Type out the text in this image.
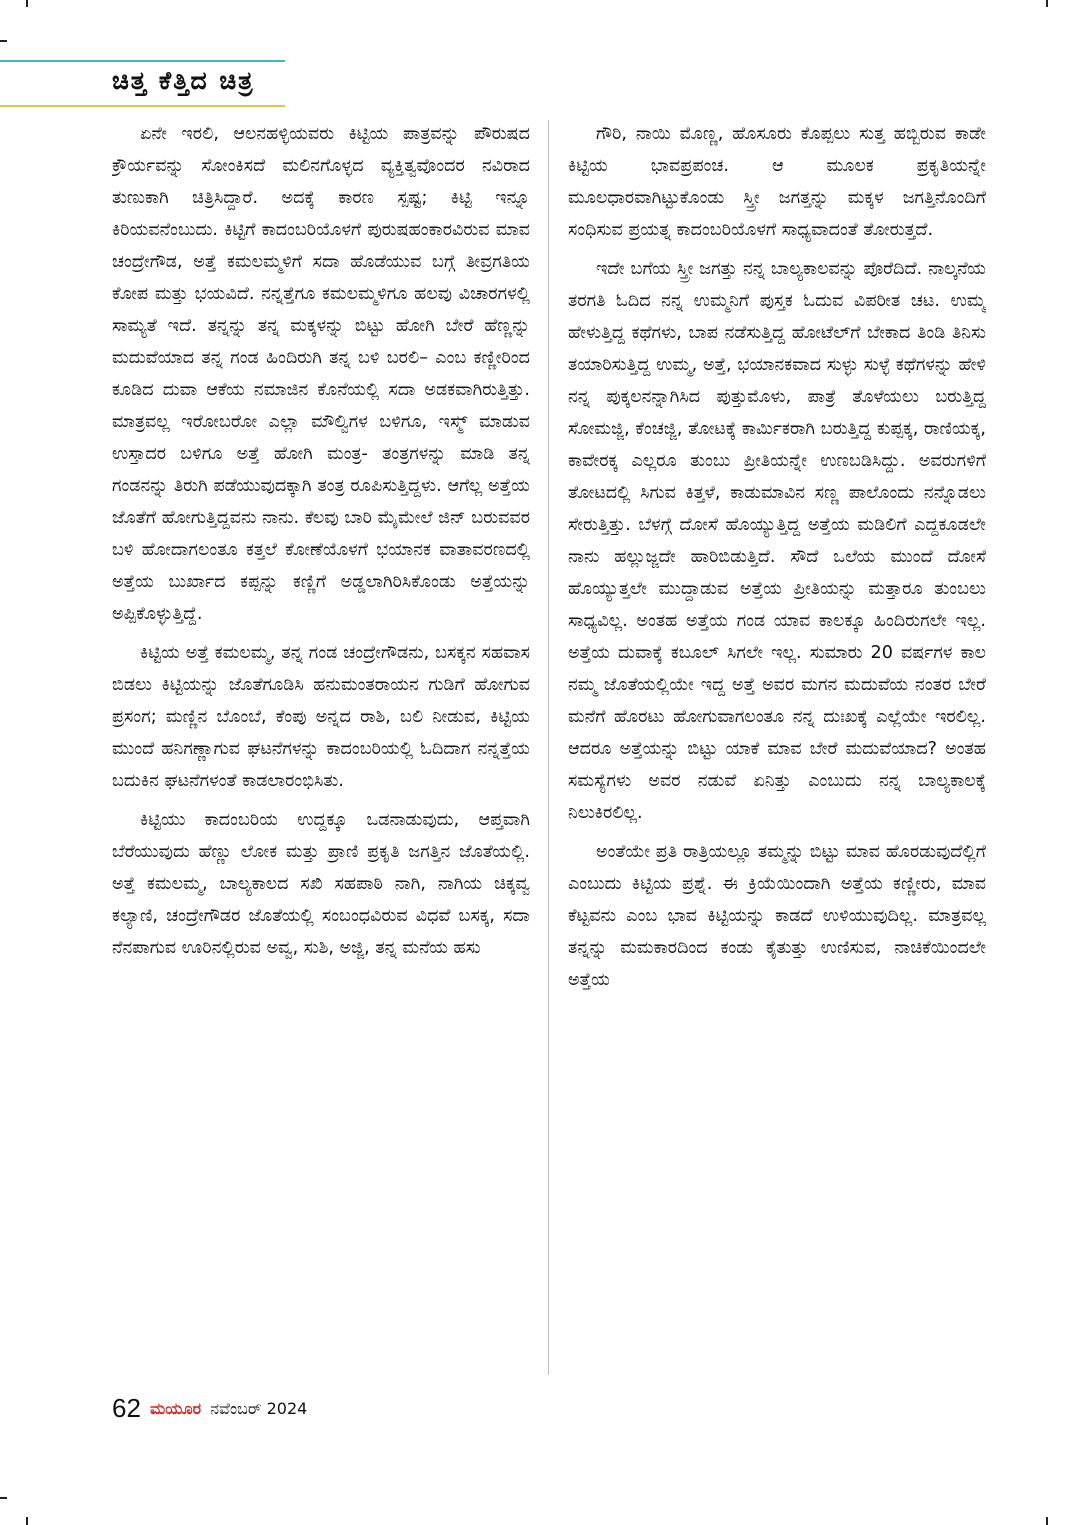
ಚಿತ್ತ ಕೆತ್ತಿದ ಚಿತ್ರ

ಏನೇ ಇರಲಿ, ಆಲನಹಳ್ಳಿಯವರು ಕಿಟ್ಟಿಯ ಪಾತ್ರವನ್ನು ಪೌರುಷದ ಕ್ರೌರ್ಯವನ್ನು ಸೋಂಕಿಸದೆ ಮಲಿನಗೊಳ್ಳದ ವ್ಯಕ್ತಿತ್ವವೊಂದರ ನವಿರಾದ ತುಣುಕಾಗಿ ಚಿತ್ರಿಸಿದ್ದಾರೆ. ಅದಕ್ಕೆ ಕಾರಣ ಸ್ಪಷ್ಟ; ಕಿಟ್ಟಿ ಇನ್ನೂ ಕಿರಿಯವನೆಂಬುದು. ಕಿಟ್ಟಿಗೆ ಕಾದಂಬರಿಯೊಳಗೆ ಪುರುಷಹಂಕಾರವಿರುವ ಮಾವ ಚಂದ್ರೇಗೌಡ, ಅತ್ತೆ ಕಮಲಮ್ಮಳಿಗೆ ಸದಾ ಹೊಡೆಯುವ ಬಗ್ಗೆ ತೀವ್ರಗತಿಯ ಕೋಪ ಮತ್ತು ಭಯವಿದೆ. ನನ್ನತ್ತೆಗೂ ಕಮಲಮ್ಮಳಿಗೂ ಹಲವು ವಿಚಾರಗಳಲ್ಲಿ ಸಾಮ್ಯತೆ ಇದೆ. ತನ್ನನ್ನು ತನ್ನ ಮಕ್ಕಳನ್ನು ಬಿಟ್ಟು ಹೋಗಿ ಬೇರೆ ಹೆಣ್ಣನ್ನು ಮದುವೆಯಾದ ತನ್ನ ಗಂಡ ಹಿಂದಿರುಗಿ ತನ್ನ ಬಳಿ ಬರಲಿ– ಎಂಬ ಕಣ್ಣೀರಿಂದ ಕೂಡಿದ ದುವಾ ಆಕೆಯ ನಮಾಜಿನ ಕೊನೆಯಲ್ಲಿ ಸದಾ ಅಡಕವಾಗಿರುತ್ತಿತ್ತು. ಮಾತ್ರವಲ್ಲ ಇರೋಬರೋ ಎಲ್ಲಾ ಮೌಲ್ವಿಗಳ ಬಳಿಗೂ, ಇಸ್ಮ್ ಮಾಡುವ ಉಸ್ತಾದರ ಬಳಿಗೂ ಅತ್ತೆ ಹೋಗಿ ಮಂತ್ರ- ತಂತ್ರಗಳನ್ನು ಮಾಡಿ ತನ್ನ ಗಂಡನನ್ನು ತಿರುಗಿ ಪಡೆಯುವುದಕ್ಕಾಗಿ ತಂತ್ರ ರೂಪಿಸುತ್ತಿದ್ದಳು. ಆಗೆಲ್ಲ ಅತ್ತೆಯ ಜೊತೆಗೆ ಹೋಗುತ್ತಿದ್ದವನು ನಾನು. ಕೆಲವು ಬಾರಿ ಮೈಮೇಲೆ ಜಿನ್ ಬರುವವರ ಬಳಿ ಹೋದಾಗಲಂತೂ ಕತ್ತಲೆ ಕೋಣೆಯೊಳಗೆ ಭಯಾನಕ ವಾತಾವರಣದಲ್ಲಿ ಅತ್ತೆಯ ಬುರ್ಖಾದ ಕಪ್ಪನ್ನು ಕಣ್ಣಿಗೆ ಅಡ್ಡಲಾಗಿರಿಸಿಕೊಂಡು ಅತ್ತೆಯನ್ನು ಅಪ್ಪಿಕೊಳ್ಳುತ್ತಿದ್ದೆ.

ಕಿಟ್ಟಿಯ ಅತ್ತೆ ಕಮಲಮ್ಮ, ತನ್ನ ಗಂಡ ಚಂದ್ರೇಗೌಡನು, ಬಸಕ್ಕನ ಸಹವಾಸ ಬಿಡಲು ಕಿಟ್ಟಿಯನ್ನು ಜೊತೆಗೂಡಿಸಿ ಹನುಮಂತರಾಯನ ಗುಡಿಗೆ ಹೋಗುವ ಪ್ರಸಂಗ; ಮಣ್ಣಿನ ಬೊಂಬೆ, ಕೆಂಪು ಅನ್ನದ ರಾಶಿ, ಬಲಿ ನೀಡುವ, ಕಿಟ್ಟಿಯ ಮುಂದೆ ಹನಿಗಣ್ಣಾಗುವ ಘಟನೆಗಳನ್ನು ಕಾದಂಬರಿಯಲ್ಲಿ ಓದಿದಾಗ ನನ್ನತ್ತೆಯ ಬದುಕಿನ ಘಟನೆಗಳಂತೆ ಕಾಡಲಾರಂಭಿಸಿತು.

ಕಿಟ್ಟಿಯು ಕಾದಂಬರಿಯ ಉದ್ದಕ್ಕೂ ಒಡನಾಡುವುದು, ಆಪ್ತವಾಗಿ ಬೆರೆಯುವುದು ಹೆಣ್ಣು ಲೋಕ ಮತ್ತು ಪ್ರಾಣಿ ಪ್ರಕೃತಿ ಜಗತ್ತಿನ ಜೊತೆಯಲ್ಲಿ. ಅತ್ತೆ ಕಮಲಮ್ಮ, ಬಾಲ್ಯಕಾಲದ ಸಖಿ ಸಹಪಾಠಿ ನಾಗಿ, ನಾಗಿಯ ಚಿಕ್ಕವ್ವ ಕಲ್ಯಾಣಿ, ಚಂದ್ರೇಗೌಡರ ಜೊತೆಯಲ್ಲಿ ಸಂಬಂಧವಿರುವ ವಿಧವೆ ಬಸಕ್ಕ, ಸದಾ ನೆನಪಾಗುವ ಊರಿನಲ್ಲಿರುವ ಅವ್ವ, ಸುಶಿ, ಅಜ್ಜಿ, ತನ್ನ ಮನೆಯ ಹಸು

ಗೌರಿ, ನಾಯಿ ಮೊಣ್ಣ, ಹೊಸೂರು ಕೊಪ್ಪಲು ಸುತ್ತ ಹಬ್ಬಿರುವ ಕಾಡೇ ಕಿಟ್ಟಿಯ ಭಾವಪ್ರಪಂಚ. ಆ ಮೂಲಕ ಪ್ರಕೃತಿಯನ್ನೇ ಮೂಲಧಾರವಾಗಿಟ್ಟುಕೊಂಡು ಸ್ತ್ರೀ ಜಗತ್ತನ್ನು ಮಕ್ಕಳ ಜಗತ್ತಿನೊಂದಿಗೆ ಸಂಧಿಸುವ ಪ್ರಯತ್ನ ಕಾದಂಬರಿಯೊಳಗೆ ಸಾಧ್ಯವಾದಂತೆ ತೋರುತ್ತದೆ.

ಇದೇ ಬಗೆಯ ಸ್ತ್ರೀ ಜಗತ್ತು ನನ್ನ ಬಾಲ್ಯಕಾಲವನ್ನು ಪೊರೆದಿದೆ. ನಾಲ್ಕನೆಯ ತರಗತಿ ಓದಿದ ನನ್ನ ಉಮ್ಮನಿಗೆ ಪುಸ್ತಕ ಓದುವ ವಿಪರೀತ ಚಟ. ಉಮ್ಮ ಹೇಳುತ್ತಿದ್ದ ಕಥೆಗಳು, ಬಾಪ ನಡೆಸುತ್ತಿದ್ದ ಹೋಟೆಲ್‌ಗೆ ಬೇಕಾದ ತಿಂಡಿ ತಿನಿಸು ತಯಾರಿಸುತ್ತಿದ್ದ ಉಮ್ಮ, ಅತ್ತೆ, ಭಯಾನಕವಾದ ಸುಳ್ಳು ಸುಳ್ಳೆ ಕಥೆಗಳನ್ನು ಹೇಳಿ ನನ್ನ ಪುಕ್ಕಲನನ್ನಾಗಿಸಿದ ಪುತ್ತುಮೊಳು, ಪಾತ್ರೆ ತೊಳೆಯಲು ಬರುತ್ತಿದ್ದ ಸೋಮಜ್ಜಿ, ಕೆಂಚಜ್ಜಿ, ತೋಟಕ್ಕೆ ಕಾರ್ಮಿಕರಾಗಿ ಬರುತ್ತಿದ್ದ ಕುಪ್ಪಕ್ಕ, ರಾಣಿಯಕ್ಕ, ಕಾವೇರಕ್ಕ ಎಲ್ಲರೂ ತುಂಬು ಪ್ರೀತಿಯನ್ನೇ ಉಣಬಡಿಸಿದ್ದು. ಅವರುಗಳಿಗೆ ತೋಟದಲ್ಲಿ ಸಿಗುವ ಕಿತ್ತಳೆ, ಕಾಡುಮಾವಿನ ಸಣ್ಣ ಪಾಲೊಂದು ನನ್ನೊಡಲು ಸೇರುತ್ತಿತ್ತು. ಬೆಳಗ್ಗೆ ದೋಸೆ ಹೊಯ್ಯುತ್ತಿದ್ದ ಅತ್ತೆಯ ಮಡಿಲಿಗೆ ಎದ್ದಕೂಡಲೇ ನಾನು ಹಲ್ಲುಜ್ಜದೇ ಹಾರಿಬಿಡುತ್ತಿದೆ. ಸೌದೆ ಒಲೆಯ ಮುಂದೆ ದೋಸೆ ಹೊಯ್ಯುತ್ತಲೇ ಮುದ್ದಾಡುವ ಅತ್ತೆಯ ಪ್ರೀತಿಯನ್ನು ಮತ್ತಾರೂ ತುಂಬಲು ಸಾಧ್ಯವಿಲ್ಲ. ಅಂತಹ ಅತ್ತೆಯ ಗಂಡ ಯಾವ ಕಾಲಕ್ಕೂ ಹಿಂದಿರುಗಲೇ ಇಲ್ಲ. ಅತ್ತೆಯ ದುವಾಕ್ಕೆ ಕಬೂಲ್ ಸಿಗಲೇ ಇಲ್ಲ. ಸುಮಾರು 20 ವರ್ಷಗಳ ಕಾಲ ನಮ್ಮ ಜೊತೆಯಲ್ಲಿಯೇ ಇದ್ದ ಅತ್ತೆ ಅವರ ಮಗನ ಮದುವೆಯ ನಂತರ ಬೇರೆ ಮನೆಗೆ ಹೊರಟು ಹೋಗುವಾಗಲಂತೂ ನನ್ನ ದುಃಖಕ್ಕೆ ಎಲ್ಲೆಯೇ ಇರಲಿಲ್ಲ. ಆದರೂ ಅತ್ತೆಯನ್ನು ಬಿಟ್ಟು ಯಾಕೆ ಮಾವ ಬೇರೆ ಮದುವೆಯಾದ? ಅಂತಹ ಸಮಸ್ಯೆಗಳು ಅವರ ನಡುವೆ ಏನಿತ್ತು ಎಂಬುದು ನನ್ನ ಬಾಲ್ಯಕಾಲಕ್ಕೆ ನಿಲುಕಿರಲಿಲ್ಲ.

ಅಂತೆಯೇ ಪ್ರತಿ ರಾತ್ರಿಯಲ್ಲೂ ತಮ್ಮನ್ನು ಬಿಟ್ಟು ಮಾವ ಹೊರಡುವುದೆಲ್ಲಿಗೆ ಎಂಬುದು ಕಿಟ್ಟಿಯ ಪ್ರಶ್ನೆ. ಈ ಕ್ರಿಯೆಯಿಂದಾಗಿ ಅತ್ತೆಯ ಕಣ್ಣೀರು, ಮಾವ ಕೆಟ್ಟವನು ಎಂಬ ಭಾವ ಕಿಟ್ಟಿಯನ್ನು ಕಾಡದೆ ಉಳಿಯುವುದಿಲ್ಲ. ಮಾತ್ರವಲ್ಲ ತನ್ನನ್ನು ಮಮಕಾರದಿಂದ ಕಂಡು ಕೈತುತ್ತು ಉಣಿಸುವ, ನಾಚಿಕೆಯಿಂದಲೇ ಅತ್ತೆಯ

62 ಮಯೂರ ನವೆಂಬರ್ 2024
